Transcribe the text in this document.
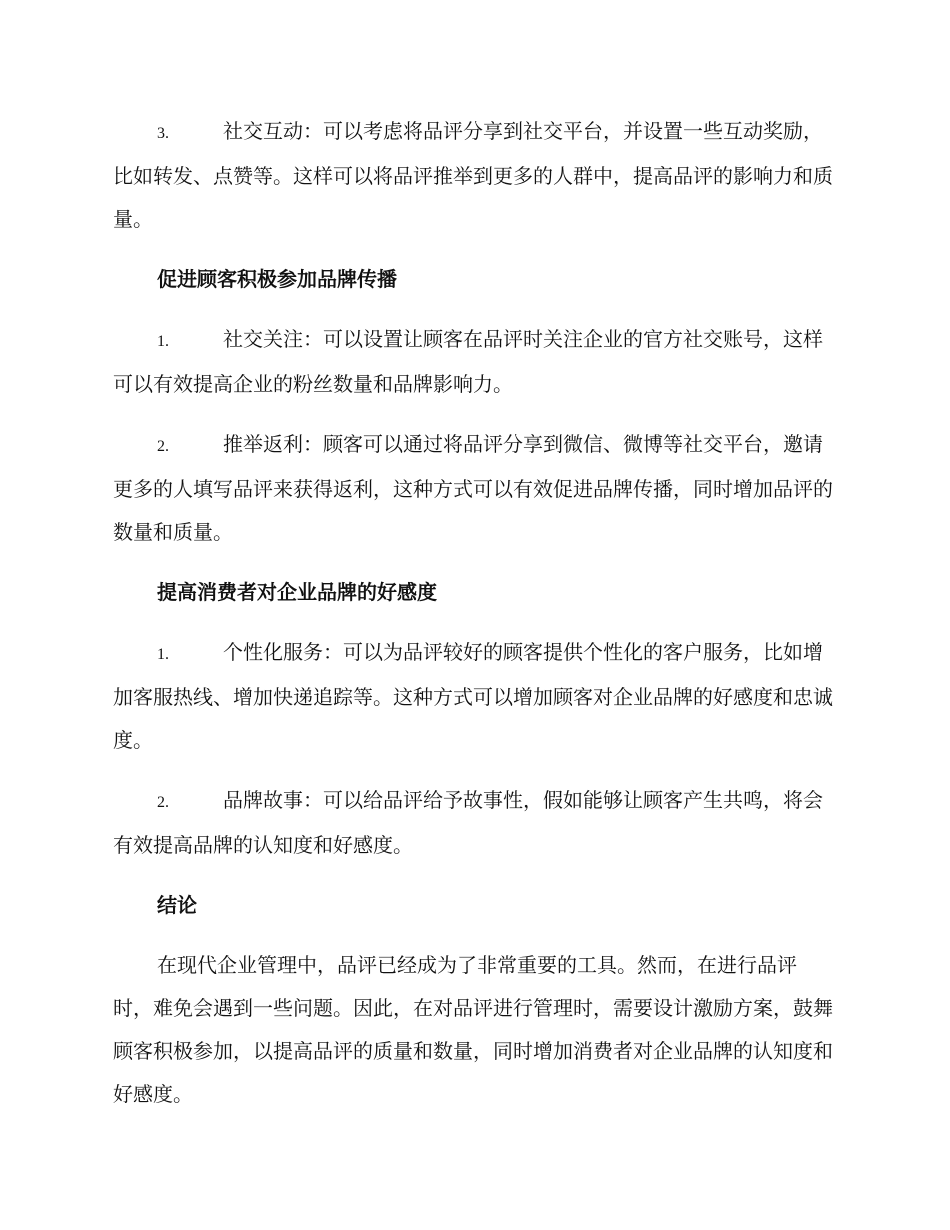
3.	社交互动：可以考虑将品评分享到社交平台，并设置一些互动奖励，比如转发、点赞等。这样可以将品评推举到更多的人群中，提高品评的影响力和质量。

促进顾客积极参加品牌传播

1.	社交关注：可以设置让顾客在品评时关注企业的官方社交账号，这样可以有效提高企业的粉丝数量和品牌影响力。

2.	推举返利：顾客可以通过将品评分享到微信、微博等社交平台，邀请更多的人填写品评来获得返利，这种方式可以有效促进品牌传播，同时增加品评的数量和质量。

提高消费者对企业品牌的好感度

1.	个性化服务：可以为品评较好的顾客提供个性化的客户服务，比如增加客服热线、增加快递追踪等。这种方式可以增加顾客对企业品牌的好感度和忠诚度。

2.	品牌故事：可以给品评给予故事性，假如能够让顾客产生共鸣，将会有效提高品牌的认知度和好感度。

结论

在现代企业管理中，品评已经成为了非常重要的工具。然而，在进行品评时，难免会遇到一些问题。因此，在对品评进行管理时，需要设计激励方案，鼓舞顾客积极参加，以提高品评的质量和数量，同时增加消费者对企业品牌的认知度和好感度。
